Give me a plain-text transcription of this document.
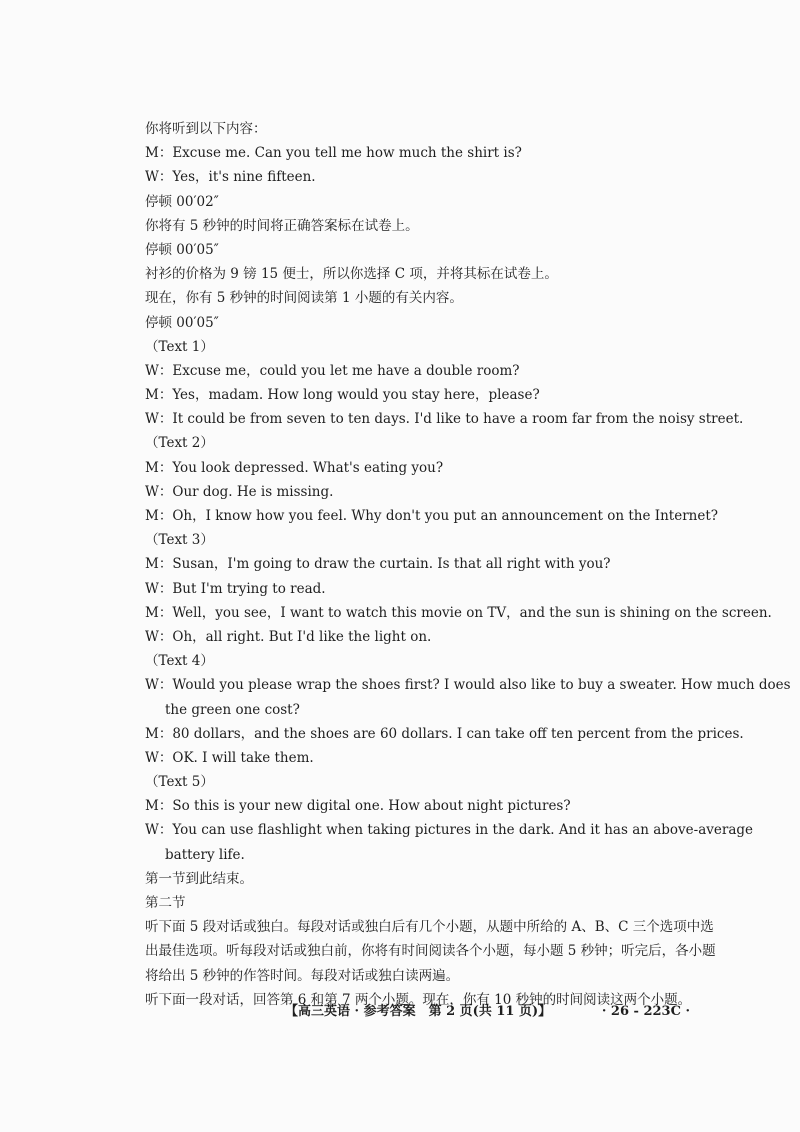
你将听到以下内容：
M：Excuse me. Can you tell me how much the shirt is?
W：Yes，it's nine fifteen.
停顿 00′02″
你将有 5 秒钟的时间将正确答案标在试卷上。
停顿 00′05″
衬衫的价格为 9 镑 15 便士，所以你选择 C 项，并将其标在试卷上。
现在，你有 5 秒钟的时间阅读第 1 小题的有关内容。
停顿 00′05″
（Text 1）
W：Excuse me，could you let me have a double room?
M：Yes，madam. How long would you stay here，please?
W：It could be from seven to ten days. I'd like to have a room far from the noisy street.
（Text 2）
M：You look depressed. What's eating you?
W：Our dog. He is missing.
M：Oh，I know how you feel. Why don't you put an announcement on the Internet?
（Text 3）
M：Susan，I'm going to draw the curtain. Is that all right with you?
W：But I'm trying to read.
M：Well，you see，I want to watch this movie on TV，and the sun is shining on the screen.
W：Oh，all right. But I'd like the light on.
（Text 4）
W：Would you please wrap the shoes first? I would also like to buy a sweater. How much does
the green one cost?
M：80 dollars，and the shoes are 60 dollars. I can take off ten percent from the prices.
W：OK. I will take them.
（Text 5）
M：So this is your new digital one. How about night pictures?
W：You can use flashlight when taking pictures in the dark. And it has an above-average
battery life.
第一节到此结束。
第二节
听下面 5 段对话或独白。每段对话或独白后有几个小题，从题中所给的 A、B、C 三个选项中选
出最佳选项。听每段对话或独白前，你将有时间阅读各个小题，每小题 5 秒钟；听完后，各小题
将给出 5 秒钟的作答时间。每段对话或独白读两遍。
听下面一段对话，回答第 6 和第 7 两个小题。现在，你有 10 秒钟的时间阅读这两个小题。
【高三英语 · 参考答案　第 2 页(共 11 页)】	· 26 - 223C ·
